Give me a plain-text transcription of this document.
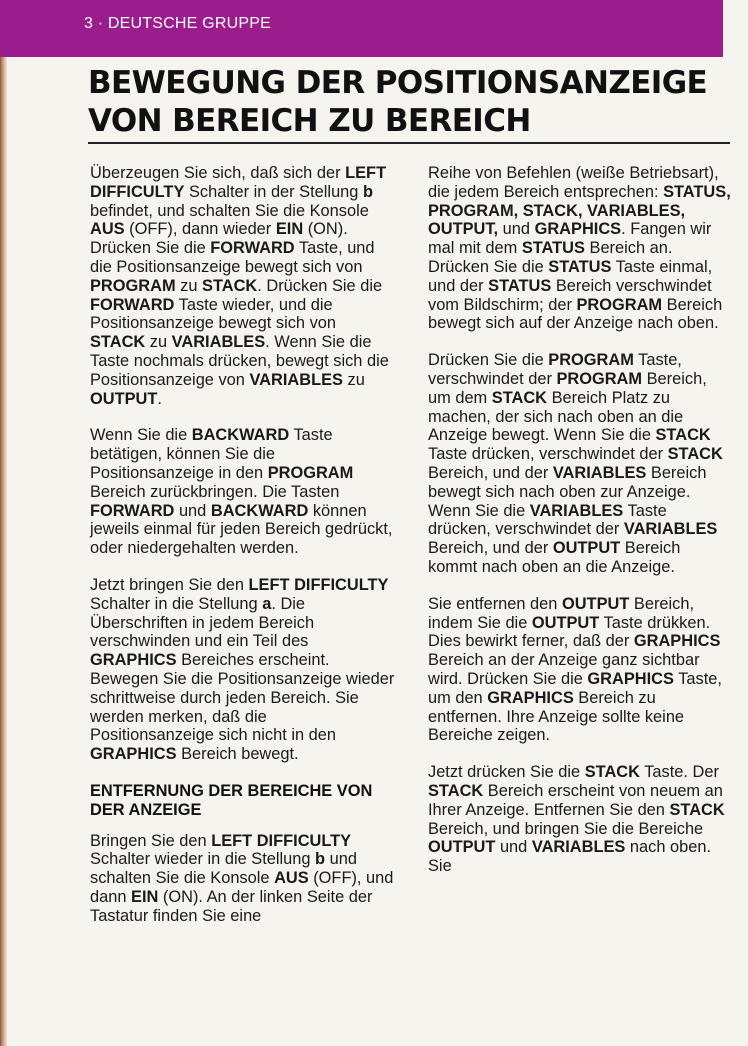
3 · DEUTSCHE GRUPPE
BEWEGUNG DER POSITIONSANZEIGE
VON BEREICH ZU BEREICH

Überzeugen Sie sich, daß sich der LEFT DIFFICULTY Schalter in der Stellung b befindet, und schalten Sie die Konsole AUS (OFF), dann wieder EIN (ON). Drücken Sie die FORWARD Taste, und die Positionsanzeige bewegt sich von PROGRAM zu STACK. Drücken Sie die FORWARD Taste wieder, und die Positionsanzeige bewegt sich von STACK zu VARIABLES. Wenn Sie die Taste nochmals drücken, bewegt sich die Positionsanzeige von VARIABLES zu OUTPUT.

Wenn Sie die BACKWARD Taste betätigen, können Sie die Positionsanzeige in den PROGRAM Bereich zurückbringen. Die Tasten FORWARD und BACKWARD können jeweils einmal für jeden Bereich gedrückt, oder niedergehalten werden.

Jetzt bringen Sie den LEFT DIFFICULTY Schalter in die Stellung a. Die Überschriften in jedem Bereich verschwinden und ein Teil des GRAPHICS Bereiches erscheint. Bewegen Sie die Positionsanzeige wieder schrittweise durch jeden Bereich. Sie werden merken, daß die Positionsanzeige sich nicht in den GRAPHICS Bereich bewegt.

ENTFERNUNG DER BEREICHE VON DER ANZEIGE

Bringen Sie den LEFT DIFFICULTY Schalter wieder in die Stellung b und schalten Sie die Konsole AUS (OFF), und dann EIN (ON). An der linken Seite der Tastatur finden Sie eine

Reihe von Befehlen (weiße Betriebsart), die jedem Bereich entsprechen: STATUS, PROGRAM, STACK, VARIABLES, OUTPUT, und GRAPHICS. Fangen wir mal mit dem STATUS Bereich an. Drücken Sie die STATUS Taste einmal, und der STATUS Bereich verschwindet vom Bildschirm; der PROGRAM Bereich bewegt sich auf der Anzeige nach oben.

Drücken Sie die PROGRAM Taste, verschwindet der PROGRAM Bereich, um dem STACK Bereich Platz zu machen, der sich nach oben an die Anzeige bewegt. Wenn Sie die STACK Taste drücken, verschwindet der STACK Bereich, und der VARIABLES Bereich bewegt sich nach oben zur Anzeige. Wenn Sie die VARIABLES Taste drücken, verschwindet der VARIABLES Bereich, und der OUTPUT Bereich kommt nach oben an die Anzeige.

Sie entfernen den OUTPUT Bereich, indem Sie die OUTPUT Taste drükken. Dies bewirkt ferner, daß der GRAPHICS Bereich an der Anzeige ganz sichtbar wird. Drücken Sie die GRAPHICS Taste, um den GRAPHICS Bereich zu entfernen. Ihre Anzeige sollte keine Bereiche zeigen.

Jetzt drücken Sie die STACK Taste. Der STACK Bereich erscheint von neuem an Ihrer Anzeige. Entfernen Sie den STACK Bereich, und bringen Sie die Bereiche OUTPUT und VARIABLES nach oben. Sie
